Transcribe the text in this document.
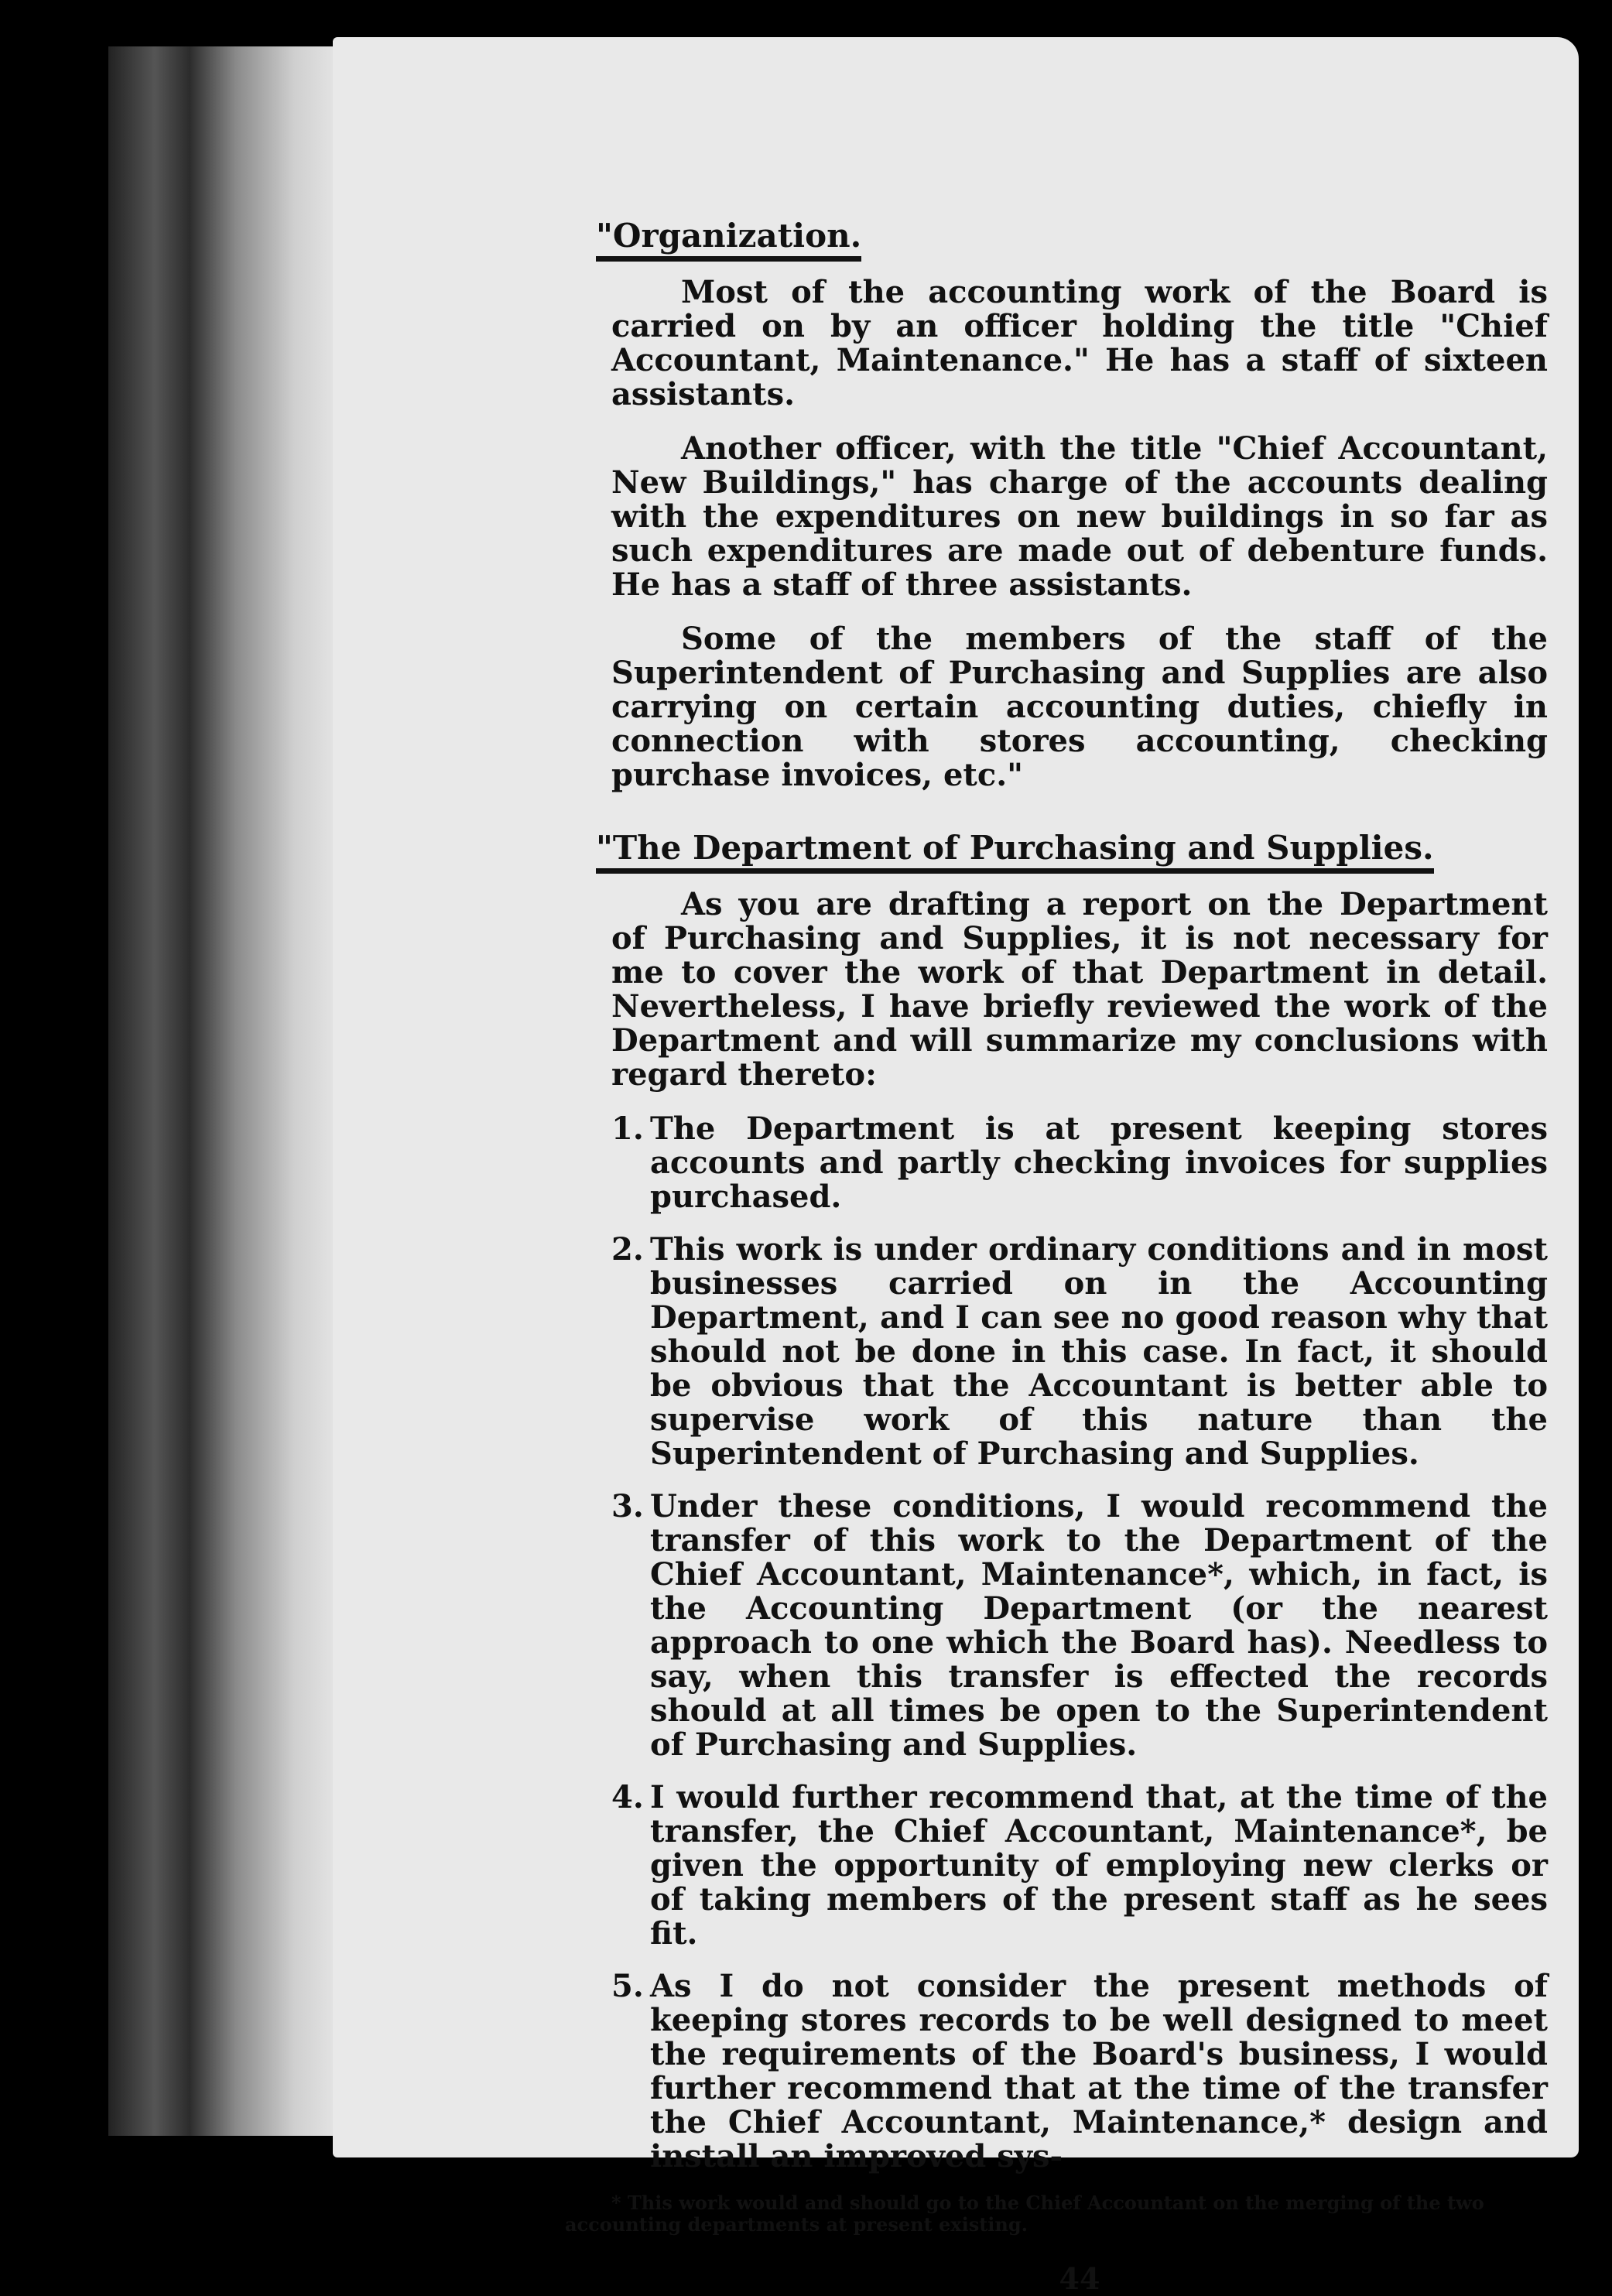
"Organization.

Most of the accounting work of the Board is carried on by an officer holding the title "Chief Accountant, Maintenance." He has a staff of sixteen assistants.

Another officer, with the title "Chief Accountant, New Buildings," has charge of the accounts dealing with the expenditures on new buildings in so far as such expenditures are made out of debenture funds. He has a staff of three assistants.

Some of the members of the staff of the Superintendent of Purchasing and Supplies are also carrying on certain accounting duties, chiefly in connection with stores accounting, checking purchase invoices, etc."

"The Department of Purchasing and Supplies.

As you are drafting a report on the Department of Purchasing and Supplies, it is not necessary for me to cover the work of that Department in detail. Nevertheless, I have briefly reviewed the work of the Department and will summarize my conclusions with regard thereto:

1. The Department is at present keeping stores accounts and partly checking invoices for supplies purchased.
2. This work is under ordinary conditions and in most businesses carried on in the Accounting Department, and I can see no good reason why that should not be done in this case. In fact, it should be obvious that the Accountant is better able to supervise work of this nature than the Superintendent of Purchasing and Supplies.
3. Under these conditions, I would recommend the transfer of this work to the Department of the Chief Accountant, Maintenance*, which, in fact, is the Accounting Department (or the nearest approach to one which the Board has). Needless to say, when this transfer is effected the records should at all times be open to the Superintendent of Purchasing and Supplies.
4. I would further recommend that, at the time of the transfer, the Chief Accountant, Maintenance*, be given the opportunity of employing new clerks or of taking members of the present staff as he sees fit.
5. As I do not consider the present methods of keeping stores records to be well designed to meet the requirements of the Board's business, I would further recommend that at the time of the transfer the Chief Accountant, Maintenance,* design and install an improved sys-
* This work would and should go to the Chief Accountant on the merging of the two accounting departments at present existing.
44
